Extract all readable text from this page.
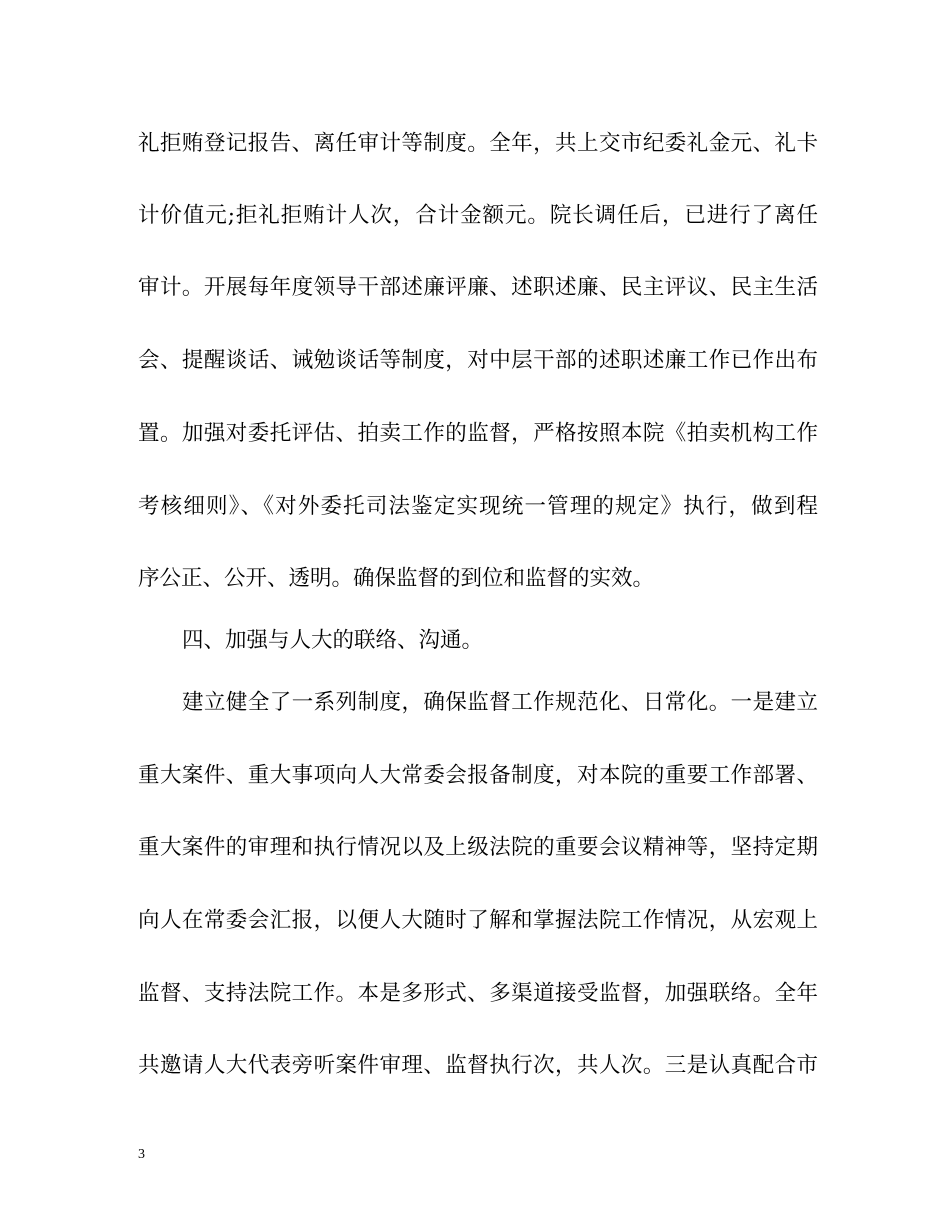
礼拒贿登记报告、离任审计等制度。全年，共上交市纪委礼金元、礼卡
计价值元;拒礼拒贿计人次，合计金额元。院长调任后，已进行了离任
审计。开展每年度领导干部述廉评廉、述职述廉、民主评议、民主生活
会、提醒谈话、诫勉谈话等制度，对中层干部的述职述廉工作已作出布
置。加强对委托评估、拍卖工作的监督，严格按照本院《拍卖机构工作
考核细则》、《对外委托司法鉴定实现统一管理的规定》执行，做到程
序公正、公开、透明。确保监督的到位和监督的实效。
四、加强与人大的联络、沟通。
建立健全了一系列制度，确保监督工作规范化、日常化。一是建立
重大案件、重大事项向人大常委会报备制度，对本院的重要工作部署、
重大案件的审理和执行情况以及上级法院的重要会议精神等，坚持定期
向人在常委会汇报，以便人大随时了解和掌握法院工作情况，从宏观上
监督、支持法院工作。本是多形式、多渠道接受监督，加强联络。全年
共邀请人大代表旁听案件审理、监督执行次，共人次。三是认真配合市
3
